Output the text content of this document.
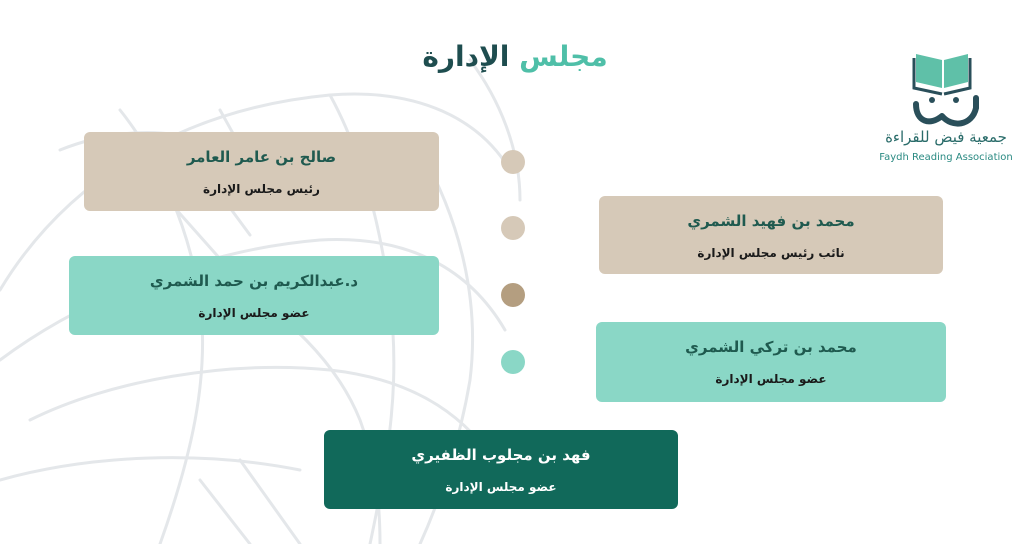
مجلس الإدارة
جمعية فيض للقراءة
Faydh Reading Association
صالح بن عامر العامر
رئيس مجلس الإدارة
محمد بن فهيد الشمري
نائب رئيس مجلس الإدارة
د.عبدالكريم بن حمد الشمري
عضو مجلس الإدارة
محمد بن تركي الشمري
عضو مجلس الإدارة
فهد بن مجلوب الظفيري
عضو مجلس الإدارة
